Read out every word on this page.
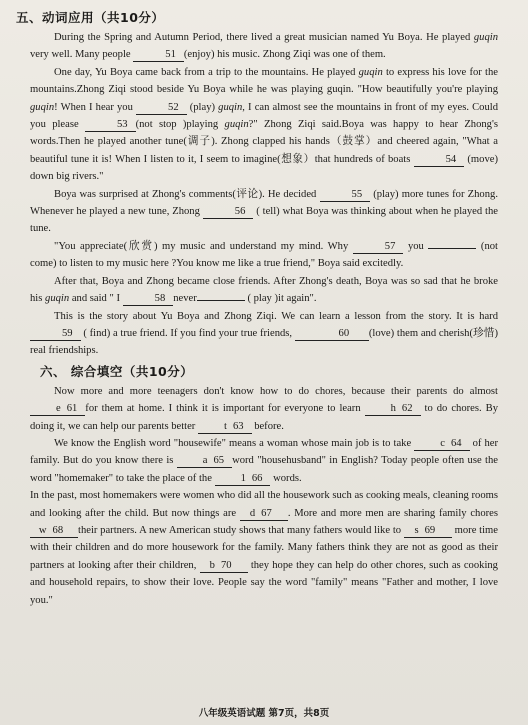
五、动词应用（共10分）

During the Spring and Autumn Period, there lived a great musician named Yu Boya. He played guqin very well. Many people	51 (enjoy) his music. Zhong Ziqi was one of them.

One day, Yu Boya came back from a trip to the mountains. He played guqin to express his love for the mountains.Zhong Ziqi stood beside Yu Boya while he was playing guqin. "How beautifully you're playing guqin! When I hear you	52 (play) guqin, I can almost see the mountains in front of my eyes. Could you please	53 (not stop )playing guqin?" Zhong Ziqi said.Boya was happy to hear Zhong's words.Then he played another tune(调子). Zhong clapped his hands（鼓掌）and cheered again, "What a beautiful tune it is! When I listen to it, I seem to imagine(想象）that hundreds of boats	54 (move) down big rivers."

Boya was surprised at Zhong's comments(评论). He decided	55 (play) more tunes for Zhong. Whenever he played a new tune, Zhong	56 ( tell) what Boya was thinking about when he played the tune.

"You appreciate(欣赏) my music and understand my mind. Why	57 you	(not come) to listen to my music here ?You know me like a true friend," Boya said excitedly.

After that, Boya and Zhong became close friends. After Zhong's death, Boya was so sad that he broke his guqin and said " I	58 never	( play )it again".

This is the story about Yu Boya and Zhong Ziqi. We can learn a lesson from the story. It is hard 59 ( find) a true friend. If you find your true friends,	60 (love) them and cherish(珍惜) real friendships.

六、 综合填空（共10分）

Now more and more teenagers don't know how to do chores, because their parents do almost e 61 for them at home. I think it is important for everyone to learn	h 62 to do chores. By doing it, we can help our parents better	t 63 before.

We know the English word "housewife" means a woman whose main job is to take	c 64 of her family. But do you know there is	a 65 word "househusband" in English? Today people often use the word "homemaker" to take the place of the	1 66 words.

In the past, most homemakers were women who did all the housework such as cooking meals, cleaning rooms and looking after the child. But now things are d 67 . More and more men are sharing family chores w 68 their partners. A new American study shows that many fathers would like to s 69 more time with their children and do more housework for the family. Many fathers think they are not as good as their partners at looking after their children, b 70 they hope they can help do other chores, such as cooking and household repairs, to show their love. People say the word "family" means "Father and mother, I love you."

八年级英语试题 第7页，共8页
